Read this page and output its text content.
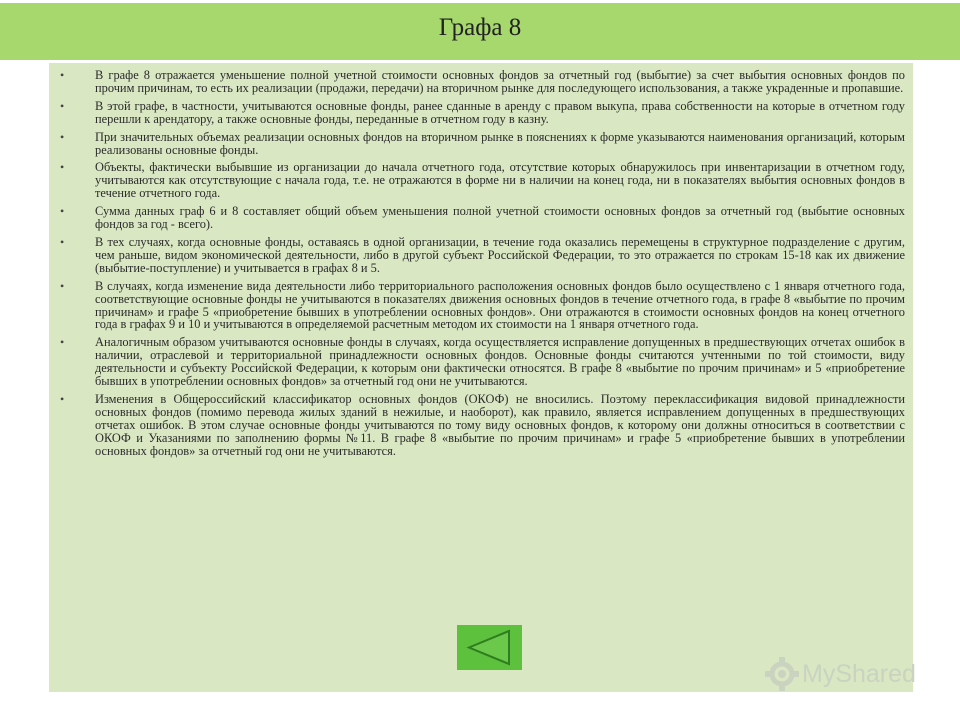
Графа 8
• В графе 8 отражается уменьшение полной учетной стоимости основных фондов за отчетный год (выбытие) за счет выбытия основных фондов по прочим причинам, то есть их реализации (продажи, передачи) на вторичном рынке для последующего использования, а также украденные и пропавшие.
• В этой графе, в частности, учитываются основные фонды, ранее сданные в аренду с правом выкупа, права собственности на которые в отчетном году перешли к арендатору, а также основные фонды, переданные в отчетном году в казну.
• При значительных объемах реализации основных фондов на вторичном рынке в пояснениях к форме указываются наименования организаций, которым реализованы основные фонды.
• Объекты, фактически выбывшие из организации до начала отчетного года, отсутствие которых обнаружилось при инвентаризации в отчетном году, учитываются как отсутствующие с начала года, т.е. не отражаются в форме ни в наличии на конец года, ни в показателях выбытия основных фондов в течение отчетного года.
• Сумма данных граф 6 и 8 составляет общий объем уменьшения полной учетной стоимости основных фондов за отчетный год (выбытие основных фондов за год - всего).
• В тех случаях, когда основные фонды, оставаясь в одной организации, в течение года оказались перемещены в структурное подразделение с другим, чем раньше, видом экономической деятельности, либо в другой субъект Российской Федерации, то это отражается по строкам 15-18 как их движение (выбытие-поступление) и учитывается в графах 8 и 5.
• В случаях, когда изменение вида деятельности либо территориального расположения основных фондов было осуществлено с 1 января отчетного года, соответствующие основные фонды не учитываются в показателях движения основных фондов в течение отчетного года, в графе 8 «выбытие по прочим причинам» и графе 5 «приобретение бывших в употреблении основных фондов». Они отражаются в стоимости основных фондов на конец отчетного года в графах 9 и 10 и учитываются в определяемой расчетным методом их стоимости на 1 января отчетного года.
• Аналогичным образом учитываются основные фонды в случаях, когда осуществляется исправление допущенных в предшествующих отчетах ошибок в наличии, отраслевой и территориальной принадлежности основных фондов. Основные фонды считаются учтенными по той стоимости, виду деятельности и субъекту Российской Федерации, к которым они фактически относятся. В графе 8 «выбытие по прочим причинам» и 5 «приобретение бывших в употреблении основных фондов» за отчетный год они не учитываются.
• Изменения в Общероссийский классификатор основных фондов (ОКОФ) не вносились. Поэтому переклассификация видовой принадлежности основных фондов (помимо перевода жилых зданий в нежилые, и наоборот), как правило, является исправлением допущенных в предшествующих отчетах ошибок. В этом случае основные фонды учитываются по тому виду основных фондов, к которому они должны относиться в соответствии с ОКОФ и Указаниями по заполнению формы №11. В графе 8 «выбытие по прочим причинам» и графе 5 «приобретение бывших в употреблении основных фондов» за отчетный год они не учитываются.
MyShared
